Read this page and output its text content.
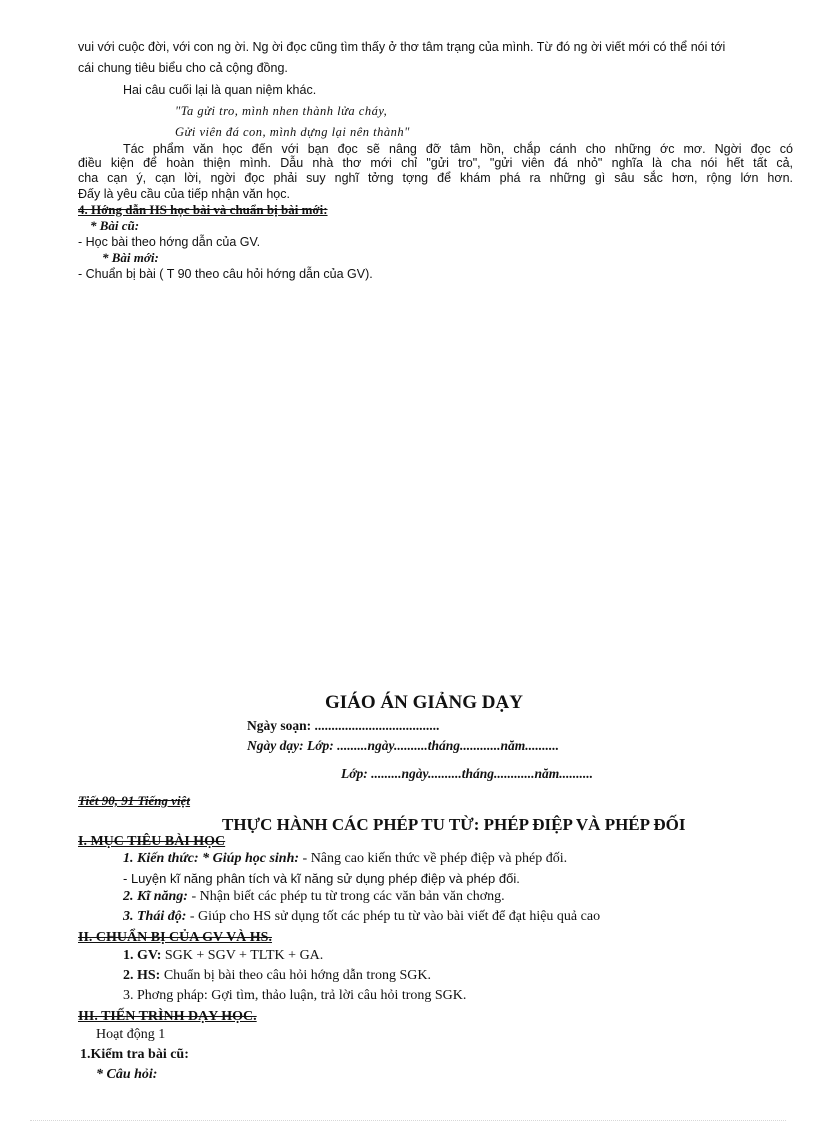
vui với cuộc đời, với con ng ời. Ng ời đọc cũng tìm thấy ở thơ tâm trạng của mình. Từ đó ng ời viết mới có thể nói tới
cái chung tiêu biểu cho cả cộng đồng.
Hai câu cuối lại là quan niệm khác.
"Ta gửi tro, mình nhen thành lửa cháy,
Gửi viên đá con, mình dựng lại nên thành"
Tác phẩm văn học đến với bạn đọc sẽ nâng đỡ tâm hồn, chắp cánh cho những ớc mơ. Ngời đọc có
điều kiện để hoàn thiện mình. Dẫu nhà thơ mới chỉ "gửi tro", "gửi viên đá nhỏ" nghĩa là cha nói hết tất cả,
cha cạn ý, cạn lời, ngời đọc phải suy nghĩ tởng tợng để khám phá ra những gì sâu sắc hơn, rộng lớn hơn.
Đấy là yêu cầu của tiếp nhận văn học.
4. Hớng dẫn HS học bài và chuẩn bị bài mới:
* Bài cũ:
- Học bài theo hớng dẫn của GV.
* Bài mới:
- Chuẩn bị bài ( T 90 theo câu hỏi hớng dẫn của GV).
GIÁO ÁN GIẢNG DẠY
Ngày soạn: .....................................
Ngày dạy: Lớp: .........ngày..........tháng............năm..........
Lớp: .........ngày..........tháng............năm..........
Tiết 90, 91 Tiếng việt
THỰC HÀNH CÁC PHÉP TU TỪ: PHÉP ĐIỆP VÀ PHÉP ĐỐI
I. MỤC TIÊU BÀI HỌC
1. Kiến thức: * Giúp học sinh: - Nâng cao kiến thức về phép điệp và phép đối.
- Luyện kĩ năng phân tích và kĩ năng sử dụng phép điệp và phép đối.
2. Kĩ năng: - Nhận biết các phép tu từ trong các văn bản văn chơng.
3. Thái độ: - Giúp cho HS sử dụng tốt các phép tu từ vào bài viết để đạt hiệu quả cao
II. CHUẨN BỊ CỦA GV VÀ HS.
1. GV: SGK + SGV + TLTK + GA.
2. HS: Chuẩn bị bài theo câu hỏi hớng dẫn trong SGK.
3. Phơng pháp: Gợi tìm, thảo luận, trả lời câu hỏi trong SGK.
III. TIẾN TRÌNH DẠY HỌC.
Hoạt động 1
1.Kiểm tra bài cũ:
* Câu hỏi:
